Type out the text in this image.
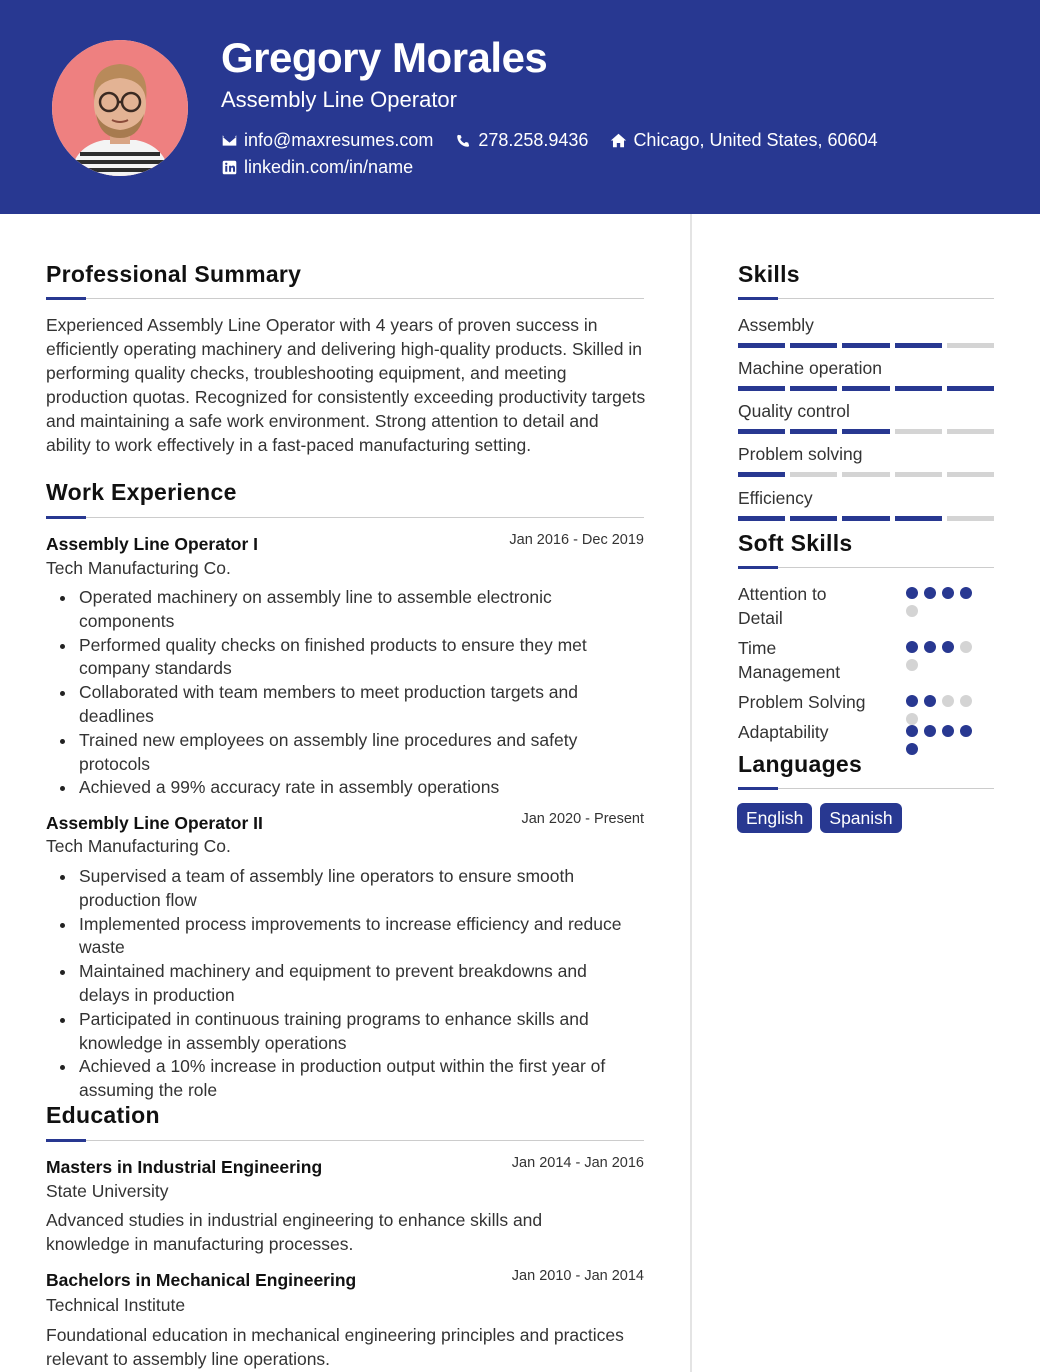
Gregory Morales
Assembly Line Operator
info@maxresumes.com	278.258.9436	Chicago, United States, 60604
linkedin.com/in/name
Professional Summary
Experienced Assembly Line Operator with 4 years of proven success in efficiently operating machinery and delivering high-quality products. Skilled in performing quality checks, troubleshooting equipment, and meeting production quotas. Recognized for consistently exceeding productivity targets and maintaining a safe work environment. Strong attention to detail and ability to work effectively in a fast-paced manufacturing setting.
Work Experience
Assembly Line Operator I	Jan 2016 - Dec 2019
Tech Manufacturing Co.
Operated machinery on assembly line to assemble electronic components
Performed quality checks on finished products to ensure they met company standards
Collaborated with team members to meet production targets and deadlines
Trained new employees on assembly line procedures and safety protocols
Achieved a 99% accuracy rate in assembly operations
Assembly Line Operator II	Jan 2020 - Present
Tech Manufacturing Co.
Supervised a team of assembly line operators to ensure smooth production flow
Implemented process improvements to increase efficiency and reduce waste
Maintained machinery and equipment to prevent breakdowns and delays in production
Participated in continuous training programs to enhance skills and knowledge in assembly operations
Achieved a 10% increase in production output within the first year of assuming the role
Education
Masters in Industrial Engineering	Jan 2014 - Jan 2016
State University
Advanced studies in industrial engineering to enhance skills and knowledge in manufacturing processes.
Bachelors in Mechanical Engineering	Jan 2010 - Jan 2014
Technical Institute
Foundational education in mechanical engineering principles and practices relevant to assembly line operations.
Skills
Assembly
Machine operation
Quality control
Problem solving
Efficiency
Soft Skills
Attention to Detail
Time Management
Problem Solving
Adaptability
Languages
English	Spanish
